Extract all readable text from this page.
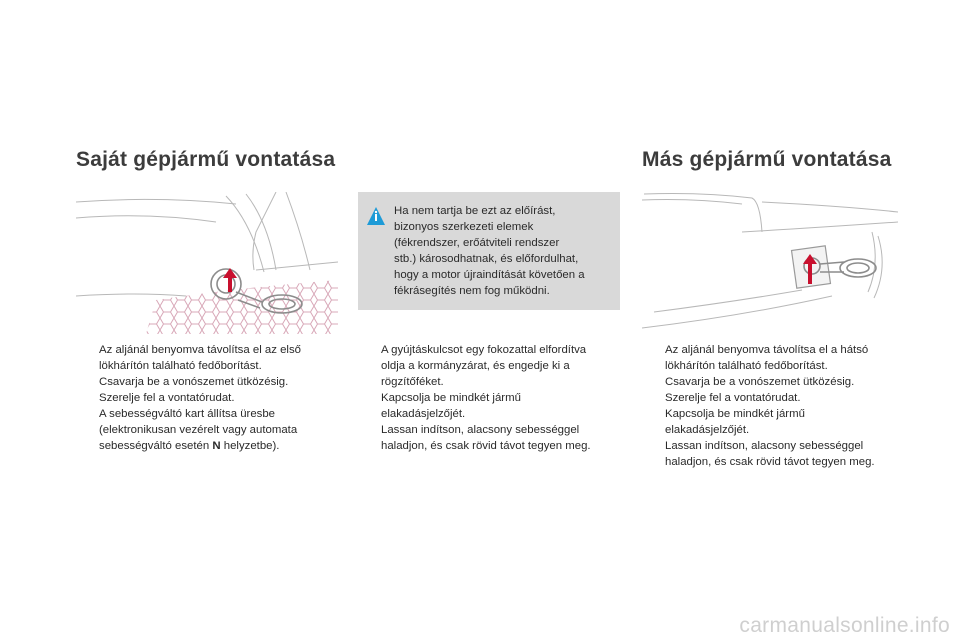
Saját gépjármű vontatása	Más gépjármű vontatása
Ha nem tartja be ezt az előírást,
bizonyos szerkezeti elemek
(fékrendszer, erőátviteli rendszer
stb.) károsodhatnak, és előfordulhat,
hogy a motor újraindítását követően a
fékrásegítés nem fog működni.
Az aljánál benyomva távolítsa el az első
lökhárítón található fedőborítást.
Csavarja be a vonószemet ütközésig.
Szerelje fel a vontatórudat.
A sebességváltó kart állítsa üresbe
(elektronikusan vezérelt vagy automata
sebességváltó esetén N helyzetbe).
A gyújtáskulcsot egy fokozattal elfordítva
oldja a kormányzárat, és engedje ki a
rögzítőféket.
Kapcsolja be mindkét jármű
elakadásjelzőjét.
Lassan indítson, alacsony sebességgel
haladjon, és csak rövid távot tegyen meg.
Az aljánál benyomva távolítsa el a hátsó
lökhárítón található fedőborítást.
Csavarja be a vonószemet ütközésig.
Szerelje fel a vontatórudat.
Kapcsolja be mindkét jármű
elakadásjelzőjét.
Lassan indítson, alacsony sebességgel
haladjon, és csak rövid távot tegyen meg.
carmanualsonline.info
